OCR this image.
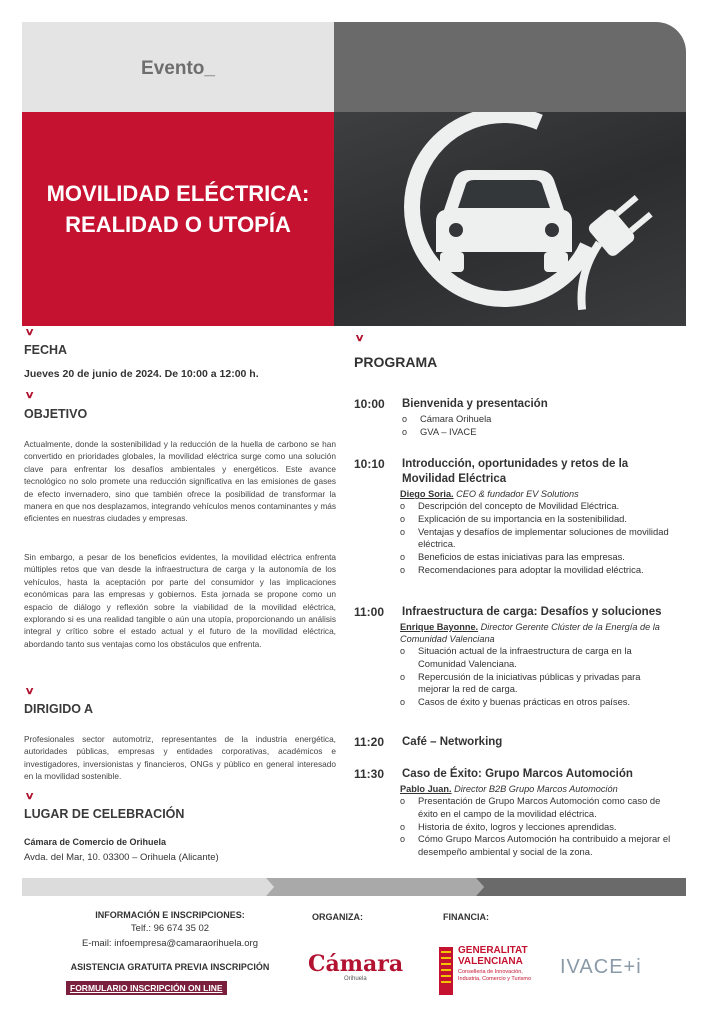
Evento_
MOVILIDAD ELÉCTRICA:
REALIDAD O UTOPÍA
∨
FECHA
Jueves 20 de junio de 2024. De 10:00 a 12:00 h.
∨
OBJETIVO
Actualmente, donde la sostenibilidad y la reducción de la huella de carbono se han convertido en prioridades globales, la movilidad eléctrica surge como una solución clave para enfrentar los desafíos ambientales y energéticos. Este avance tecnológico no solo promete una reducción significativa en las emisiones de gases de efecto invernadero, sino que también ofrece la posibilidad de transformar la manera en que nos desplazamos, integrando vehículos menos contaminantes y más eficientes en nuestras ciudades y empresas.
Sin embargo, a pesar de los beneficios evidentes, la movilidad eléctrica enfrenta múltiples retos que van desde la infraestructura de carga y la autonomía de los vehículos, hasta la aceptación por parte del consumidor y las implicaciones económicas para las empresas y gobiernos. Esta jornada se propone como un espacio de diálogo y reflexión sobre la viabilidad de la movilidad eléctrica, explorando si es una realidad tangible o aún una utopía, proporcionando un análisis integral y crítico sobre el estado actual y el futuro de la movilidad eléctrica, abordando tanto sus ventajas como los obstáculos que enfrenta.
∨
DIRIGIDO A
Profesionales sector automotriz, representantes de la industria energética, autoridades públicas, empresas y entidades corporativas, académicos e investigadores, inversionistas y financieros, ONGs y público en general interesado en la movilidad sostenible.
∨
LUGAR DE CELEBRACIÓN
Cámara de Comercio de Orihuela
Avda. del Mar, 10. 03300 – Orihuela (Alicante)
∨
PROGRAMA
10:00	Bienvenida y presentación
o Cámara Orihuela
o GVA – IVACE
10:10	Introducción, oportunidades y retos de la Movilidad Eléctrica
Diego Soria. CEO & fundador EV Solutions
o Descripción del concepto de Movilidad Eléctrica.
o Explicación de su importancia en la sostenibilidad.
o Ventajas y desafíos de implementar soluciones de movilidad eléctrica.
o Beneficios de estas iniciativas para las empresas.
o Recomendaciones para adoptar la movilidad eléctrica.
11:00	Infraestructura de carga: Desafíos y soluciones
Enrique Bayonne. Director Gerente Clúster de la Energía de la Comunidad Valenciana
o Situación actual de la infraestructura de carga en la Comunidad Valenciana.
o Repercusión de la iniciativas públicas y privadas para mejorar la red de carga.
o Casos de éxito y buenas prácticas en otros países.
11:20	Café – Networking
11:30	Caso de Éxito: Grupo Marcos Automoción
Pablo Juan. Director B2B Grupo Marcos Automoción
o Presentación de Grupo Marcos Automoción como caso de éxito en el campo de la movilidad eléctrica.
o Historia de éxito, logros y lecciones aprendidas.
o Cómo Grupo Marcos Automoción ha contribuido a mejorar el desempeño ambiental y social de la zona.
INFORMACIÓN E INSCRIPCIONES:
Telf.: 96 674 35 02
E-mail: infoempresa@camaraorihuela.org
ASISTENCIA GRATUITA PREVIA INSCRIPCIÓN
FORMULARIO INSCRIPCIÓN ON LINE
ORGANIZA:	FINANCIA:
Cámara
Orihuela
GENERALITAT
VALENCIANA
Conselleria de Innovación,
Industria, Comercio y Turismo
IVACE+i
